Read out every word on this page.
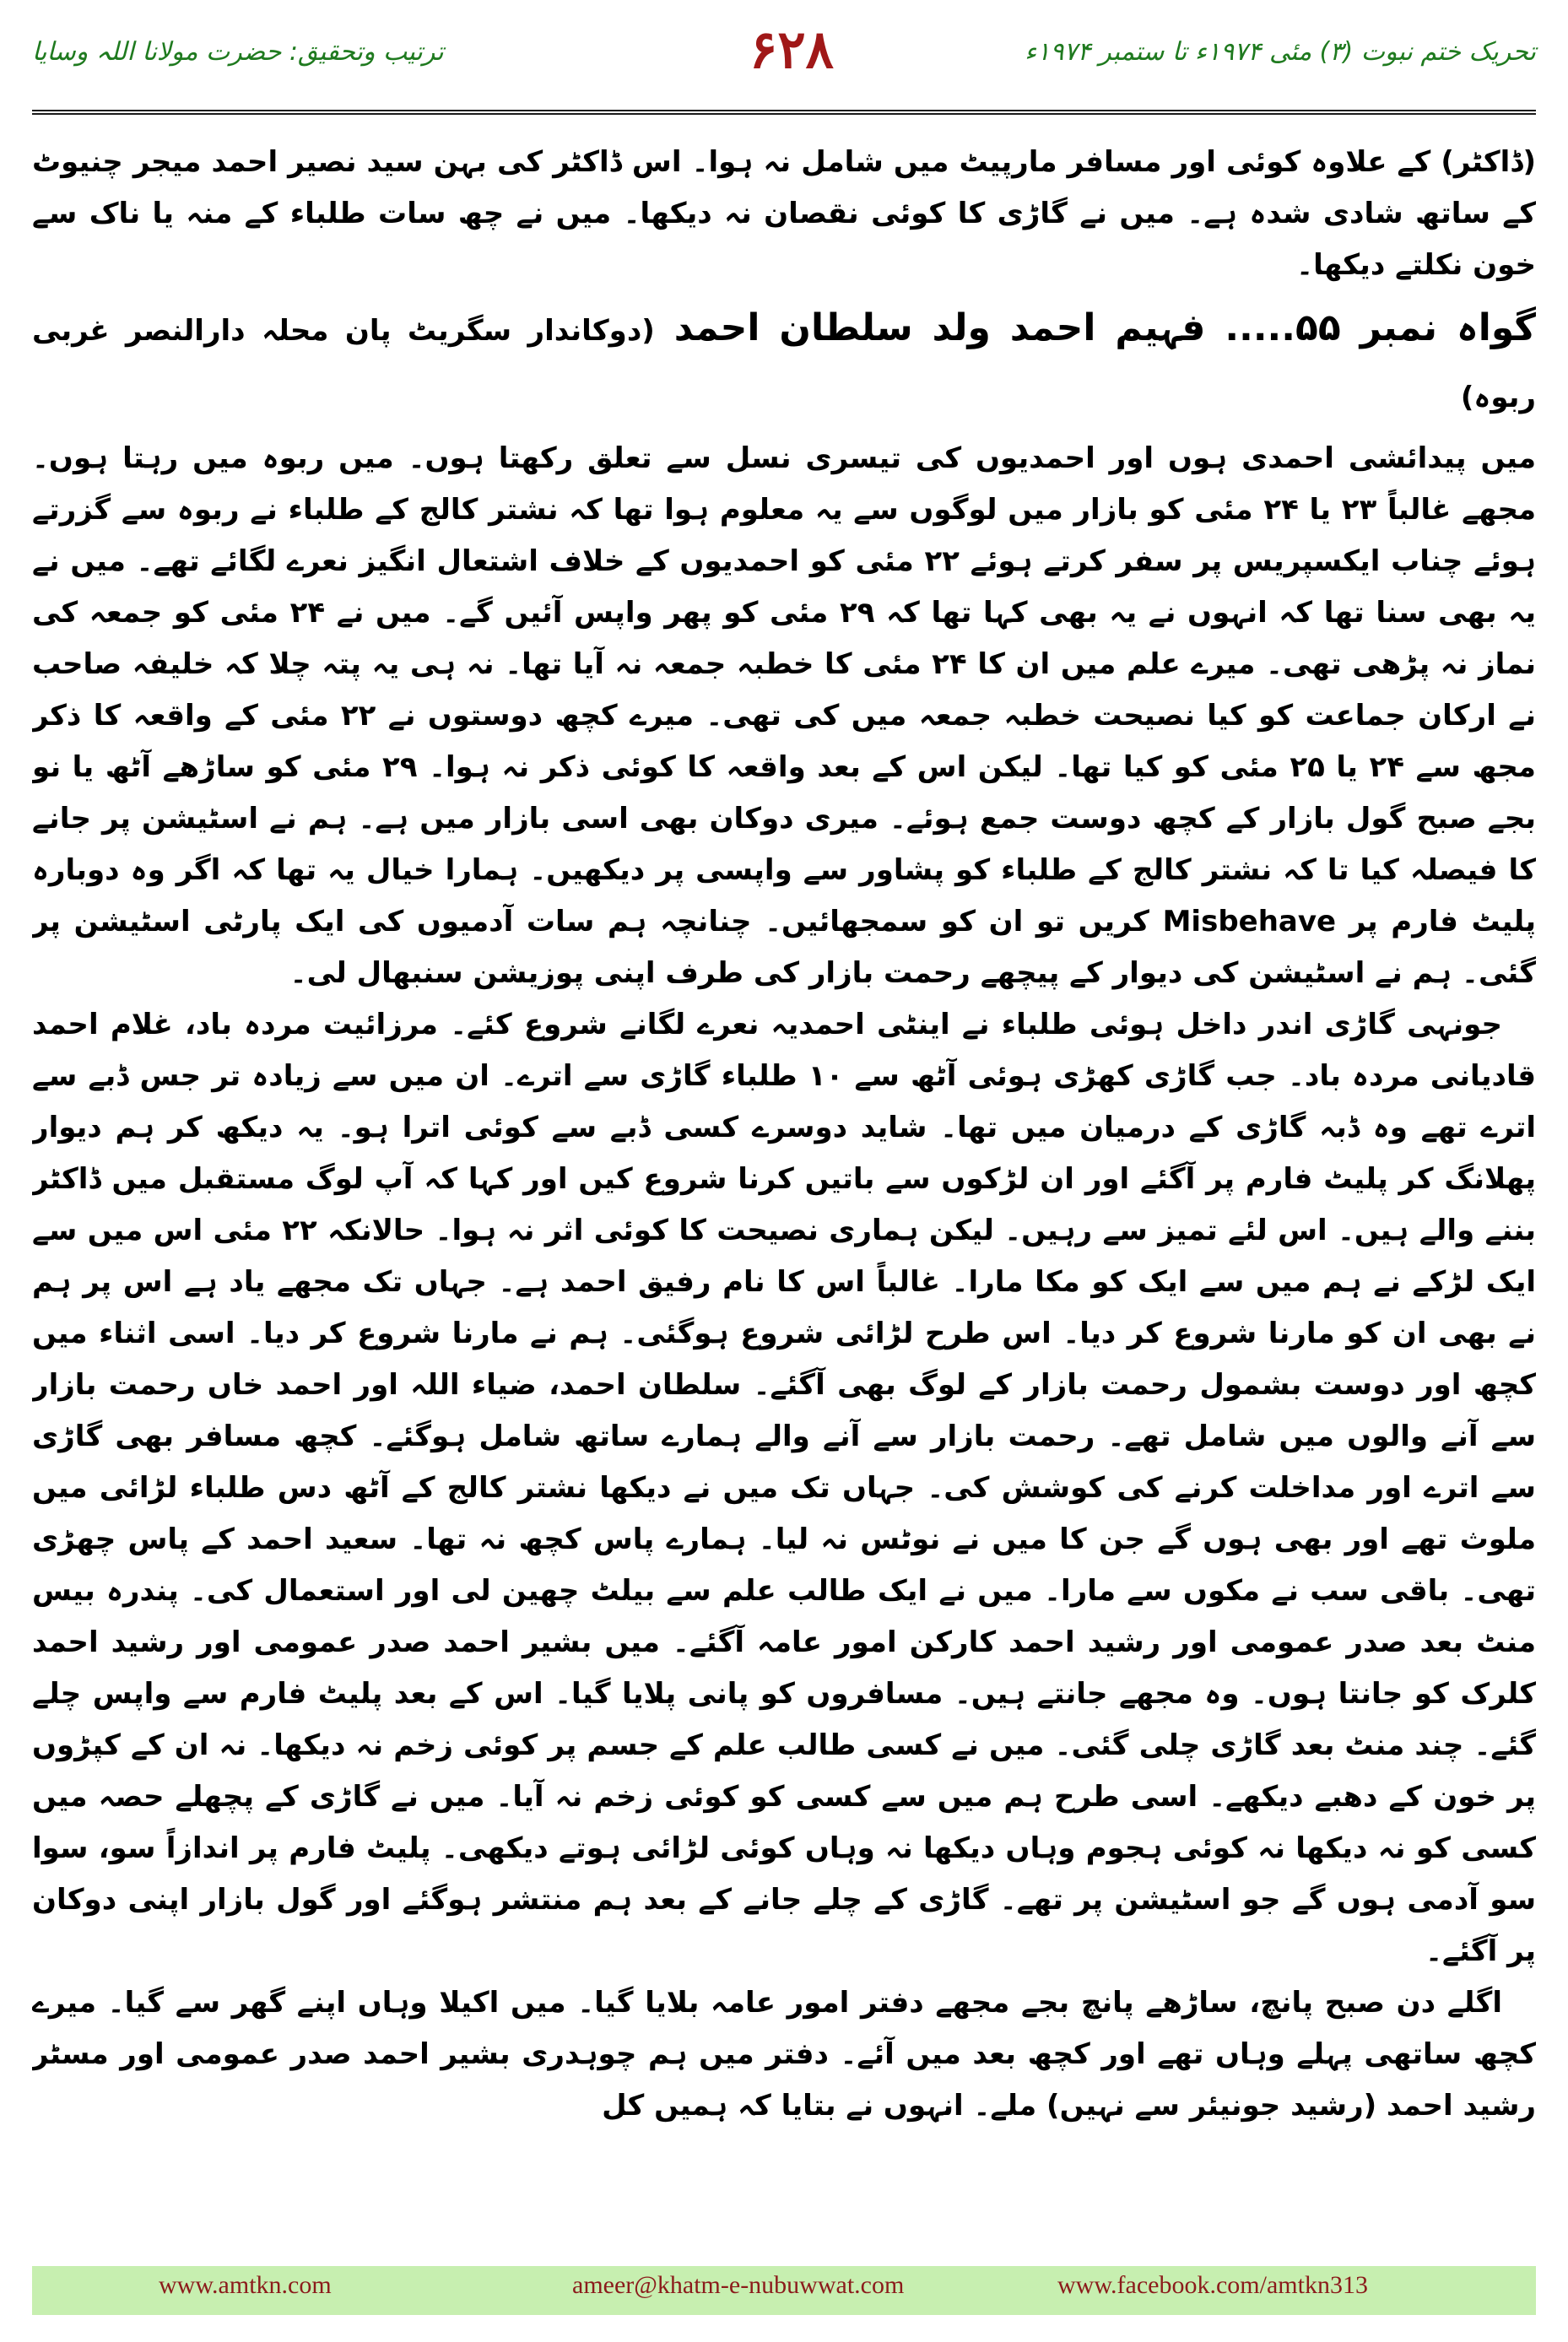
ترتیب وتحقیق: حضرت مولانا اللہ وسایا	۶۲۸	تحریک ختم نبوت (۳) مئی ۱۹۷۴ء تا ستمبر ۱۹۷۴ء

(ڈاکٹر) کے علاوہ کوئی اور مسافر مارپیٹ میں شامل نہ ہوا۔ اس ڈاکٹر کی بہن سید نصیر احمد میجر چنیوٹ کے ساتھ شادی شدہ ہے۔ میں نے گاڑی کا کوئی نقصان نہ دیکھا۔ میں نے چھ سات طلباء کے منہ یا ناک سے خون نکلتے دیکھا۔

گواہ نمبر ۵۵..... فہیم احمد ولد سلطان احمد (دوکاندار سگریٹ پان محلہ دارالنصر غربی ربوہ)

میں پیدائشی احمدی ہوں اور احمدیوں کی تیسری نسل سے تعلق رکھتا ہوں۔ میں ربوہ میں رہتا ہوں۔ مجھے غالباً ۲۳ یا ۲۴ مئی کو بازار میں لوگوں سے یہ معلوم ہوا تھا کہ نشتر کالج کے طلباء نے ربوہ سے گزرتے ہوئے چناب ایکسپریس پر سفر کرتے ہوئے ۲۲ مئی کو احمدیوں کے خلاف اشتعال انگیز نعرے لگائے تھے۔ میں نے یہ بھی سنا تھا کہ انہوں نے یہ بھی کہا تھا کہ ۲۹ مئی کو پھر واپس آئیں گے۔ میں نے ۲۴ مئی کو جمعہ کی نماز نہ پڑھی تھی۔ میرے علم میں ان کا ۲۴ مئی کا خطبہ جمعہ نہ آیا تھا۔ نہ ہی یہ پتہ چلا کہ خلیفہ صاحب نے ارکان جماعت کو کیا نصیحت خطبہ جمعہ میں کی تھی۔ میرے کچھ دوستوں نے ۲۲ مئی کے واقعہ کا ذکر مجھ سے ۲۴ یا ۲۵ مئی کو کیا تھا۔ لیکن اس کے بعد واقعہ کا کوئی ذکر نہ ہوا۔ ۲۹ مئی کو ساڑھے آٹھ یا نو بجے صبح گول بازار کے کچھ دوست جمع ہوئے۔ میری دوکان بھی اسی بازار میں ہے۔ ہم نے اسٹیشن پر جانے کا فیصلہ کیا تا کہ نشتر کالج کے طلباء کو پشاور سے واپسی پر دیکھیں۔ ہمارا خیال یہ تھا کہ اگر وہ دوبارہ پلیٹ فارم پر Misbehave کریں تو ان کو سمجھائیں۔ چنانچہ ہم سات آدمیوں کی ایک پارٹی اسٹیشن پر گئی۔ ہم نے اسٹیشن کی دیوار کے پیچھے رحمت بازار کی طرف اپنی پوزیشن سنبھال لی۔

جونہی گاڑی اندر داخل ہوئی طلباء نے اینٹی احمدیہ نعرے لگانے شروع کئے۔ مرزائیت مردہ باد، غلام احمد قادیانی مردہ باد۔ جب گاڑی کھڑی ہوئی آٹھ سے ۱۰ طلباء گاڑی سے اترے۔ ان میں سے زیادہ تر جس ڈبے سے اترے تھے وہ ڈبہ گاڑی کے درمیان میں تھا۔ شاید دوسرے کسی ڈبے سے کوئی اترا ہو۔ یہ دیکھ کر ہم دیوار پھلانگ کر پلیٹ فارم پر آگئے اور ان لڑکوں سے باتیں کرنا شروع کیں اور کہا کہ آپ لوگ مستقبل میں ڈاکٹر بننے والے ہیں۔ اس لئے تمیز سے رہیں۔ لیکن ہماری نصیحت کا کوئی اثر نہ ہوا۔ حالانکہ ۲۲ مئی اس میں سے ایک لڑکے نے ہم میں سے ایک کو مکا مارا۔ غالباً اس کا نام رفیق احمد ہے۔ جہاں تک مجھے یاد ہے اس پر ہم نے بھی ان کو مارنا شروع کر دیا۔ اس طرح لڑائی شروع ہوگئی۔ ہم نے مارنا شروع کر دیا۔ اسی اثناء میں کچھ اور دوست بشمول رحمت بازار کے لوگ بھی آگئے۔ سلطان احمد، ضیاء اللہ اور احمد خاں رحمت بازار سے آنے والوں میں شامل تھے۔ رحمت بازار سے آنے والے ہمارے ساتھ شامل ہوگئے۔ کچھ مسافر بھی گاڑی سے اترے اور مداخلت کرنے کی کوشش کی۔ جہاں تک میں نے دیکھا نشتر کالج کے آٹھ دس طلباء لڑائی میں ملوث تھے اور بھی ہوں گے جن کا میں نے نوٹس نہ لیا۔ ہمارے پاس کچھ نہ تھا۔ سعید احمد کے پاس چھڑی تھی۔ باقی سب نے مکوں سے مارا۔ میں نے ایک طالب علم سے بیلٹ چھین لی اور استعمال کی۔ پندرہ بیس منٹ بعد صدر عمومی اور رشید احمد کارکن امور عامہ آگئے۔ میں بشیر احمد صدر عمومی اور رشید احمد کلرک کو جانتا ہوں۔ وہ مجھے جانتے ہیں۔ مسافروں کو پانی پلایا گیا۔ اس کے بعد پلیٹ فارم سے واپس چلے گئے۔ چند منٹ بعد گاڑی چلی گئی۔ میں نے کسی طالب علم کے جسم پر کوئی زخم نہ دیکھا۔ نہ ان کے کپڑوں پر خون کے دھبے دیکھے۔ اسی طرح ہم میں سے کسی کو کوئی زخم نہ آیا۔ میں نے گاڑی کے پچھلے حصہ میں کسی کو نہ دیکھا نہ کوئی ہجوم وہاں دیکھا نہ وہاں کوئی لڑائی ہوتے دیکھی۔ پلیٹ فارم پر اندازاً سو، سوا سو آدمی ہوں گے جو اسٹیشن پر تھے۔ گاڑی کے چلے جانے کے بعد ہم منتشر ہوگئے اور گول بازار اپنی دوکان پر آگئے۔

اگلے دن صبح پانچ، ساڑھے پانچ بجے مجھے دفتر امور عامہ بلایا گیا۔ میں اکیلا وہاں اپنے گھر سے گیا۔ میرے کچھ ساتھی پہلے وہاں تھے اور کچھ بعد میں آئے۔ دفتر میں ہم چوہدری بشیر احمد صدر عمومی اور مسٹر رشید احمد (رشید جونیئر سے نہیں) ملے۔ انہوں نے بتایا کہ ہمیں کل

www.amtkn.com	ameer@khatm-e-nubuwwat.com	www.facebook.com/amtkn313
